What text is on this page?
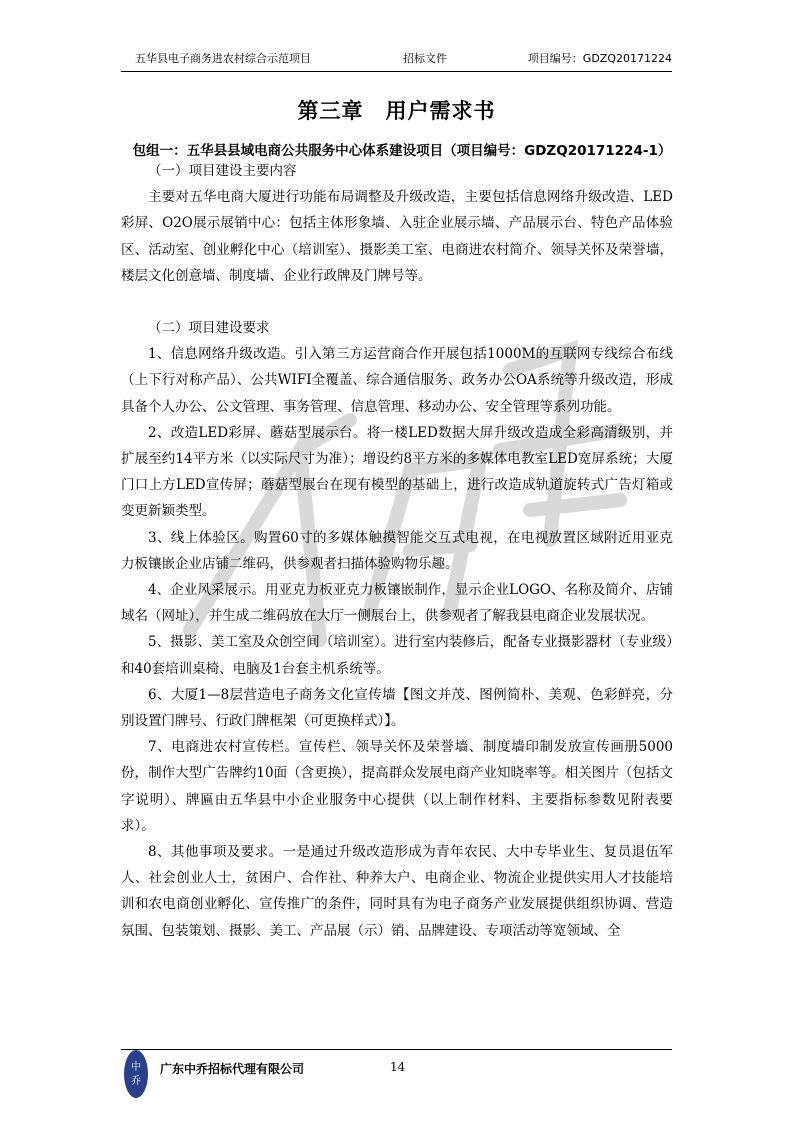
五华县电子商务进农村综合示范项目	招标文件	项目编号：GDZQ20171224
第三章　用户需求书
包组一：五华县县域电商公共服务中心体系建设项目（项目编号：GDZQ20171224-1）

（一）项目建设主要内容

主要对五华电商大厦进行功能布局调整及升级改造，主要包括信息网络升级改造、LED彩屏、O2O展示展销中心：包括主体形象墙、入驻企业展示墙、产品展示台、特色产品体验区、活动室、创业孵化中心（培训室）、摄影美工室、电商进农村简介、领导关怀及荣誉墙，楼层文化创意墙、制度墙、企业行政牌及门牌号等。

（二）项目建设要求

1、信息网络升级改造。引入第三方运营商合作开展包括1000M的互联网专线综合布线（上下行对称产品）、公共WIFI全覆盖、综合通信服务、政务办公OA系统等升级改造，形成具备个人办公、公文管理、事务管理、信息管理、移动办公、安全管理等系列功能。

2、改造LED彩屏、蘑菇型展示台。将一楼LED数据大屏升级改造成全彩高清级别，并扩展至约14平方米（以实际尺寸为准）；增设约8平方米的多媒体电教室LED宽屏系统；大厦门口上方LED宣传屏；蘑菇型展台在现有模型的基础上，进行改造成轨道旋转式广告灯箱或变更新颖类型。

3、线上体验区。购置60寸的多媒体触摸智能交互式电视，在电视放置区域附近用亚克力板镶嵌企业店铺二维码，供参观者扫描体验购物乐趣。

4、企业风采展示。用亚克力板亚克力板镶嵌制作，显示企业LOGO、名称及简介、店铺域名（网址），并生成二维码放在大厅一侧展台上，供参观者了解我县电商企业发展状况。

5、摄影、美工室及众创空间（培训室）。进行室内装修后，配备专业摄影器材（专业级）和40套培训桌椅、电脑及1台套主机系统等。

6、大厦1—8层营造电子商务文化宣传墙【图文并茂、图例简朴、美观、色彩鲜亮，分别设置门牌号、行政门牌框架（可更换样式）】。

7、电商进农村宣传栏。宣传栏、领导关怀及荣誉墙、制度墙印制发放宣传画册5000份，制作大型广告牌约10面（含更换），提高群众发展电商产业知晓率等。相关图片（包括文字说明）、牌匾由五华县中小企业服务中心提供（以上制作材料、主要指标参数见附表要求）。

8、其他事项及要求。一是通过升级改造形成为青年农民、大中专毕业生、复员退伍军人、社会创业人士，贫困户、合作社、种养大户、电商企业、物流企业提供实用人才技能培训和农电商创业孵化、宣传推广的条件，同时具有为电子商务产业发展提供组织协调、营造氛围、包装策划、摄影、美工、产品展（示）销、品牌建设、专项活动等宽领域、全

中
乔
广东中乔招标代理有限公司	14
